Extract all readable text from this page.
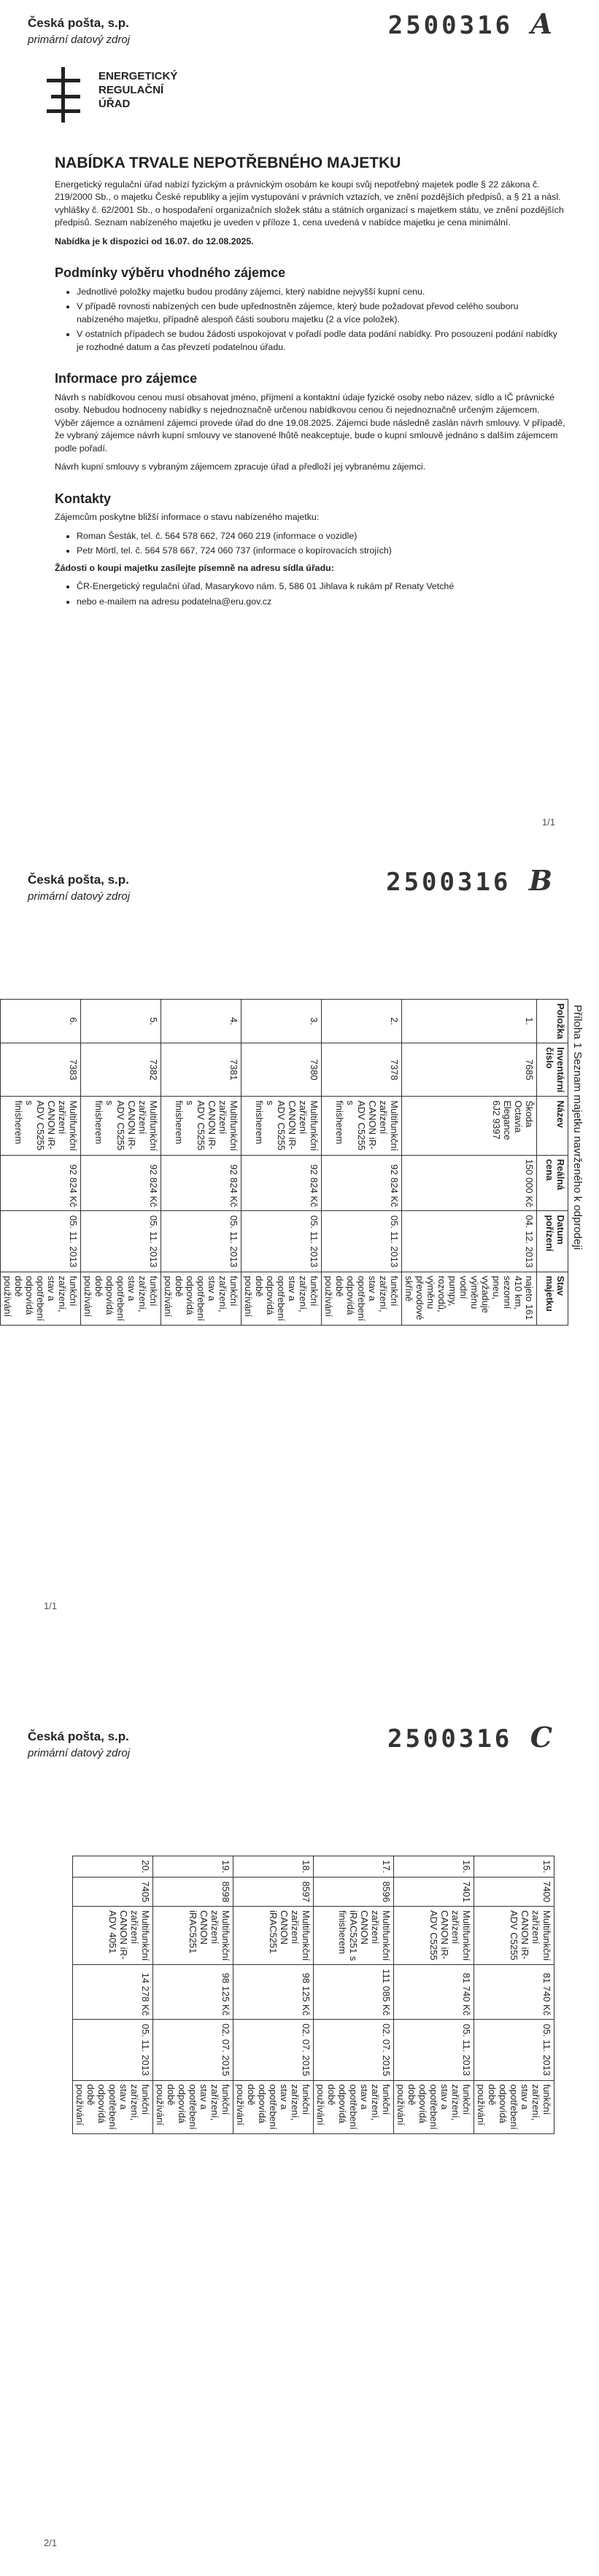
Česká pošta, s.p.
primární datový zdroj	2500316 A
ENERGETICKÝ
REGULAČNÍ
ÚŘAD
NABÍDKA TRVALE NEPOTŘEBNÉHO MAJETKU

Energetický regulační úřad nabízí fyzickým a právnickým osobám ke koupi svůj nepotřebný majetek podle § 22 zákona č. 219/2000 Sb., o majetku České republiky a jejím vystupování v právních vztazích, ve znění pozdějších předpisů, a § 21 a násl. vyhlášky č. 62/2001 Sb., o hospodaření organizačních složek státu a státních organizací s majetkem státu, ve znění pozdějších předpisů. Seznam nabízeného majetku je uveden v příloze 1, cena uvedená v nabídce majetku je cena minimální.

Nabídka je k dispozici od 16.07. do 12.08.2025.

Podmínky výběru vhodného zájemce
• Jednotlivé položky majetku budou prodány zájemci, který nabídne nejvyšší kupní cenu.
• V případě rovnosti nabízených cen bude upřednostněn zájemce, který bude požadovat převod celého souboru nabízeného majetku, případně alespoň části souboru majetku (2 a více položek).
• V ostatních případech se budou žádosti uspokojovat v pořadí podle data podání nabídky. Pro posouzení podání nabídky je rozhodné datum a čas převzetí podatelnou úřadu.
Informace pro zájemce

Návrh s nabídkovou cenou musí obsahovat jméno, příjmení a kontaktní údaje fyzické osoby nebo název, sídlo a IČ právnické osoby. Nebudou hodnoceny nabídky s nejednoznačně určenou nabídkovou cenou či nejednoznačně určeným zájemcem. Výběr zájemce a oznámení zájemci provede úřad do dne 19.08.2025. Zájemci bude následně zaslán návrh smlouvy. V případě, že vybraný zájemce návrh kupní smlouvy ve stanovené lhůtě neakceptuje, bude o kupní smlouvě jednáno s dalším zájemcem podle pořadí.

Návrh kupní smlouvy s vybraným zájemcem zpracuje úřad a předloží jej vybranému zájemci.

Kontakty

Zájemcům poskytne bližší informace o stavu nabízeného majetku:

• Roman Šesták, tel. č. 564 578 662, 724 060 219 (informace o vozidle)
• Petr Mörtl, tel. č. 564 578 667, 724 060 737 (informace o kopírovacích strojích)

Žádosti o koupi majetku zasílejte písemně na adresu sídla úřadu:

• ČR-Energetický regulační úřad, Masarykovo nám. 5, 586 01 Jihlava k rukám př Renaty Vetché
• nebo e-mailem na adresu podatelna@eru.gov.cz
1/1
Česká pošta, s.p.
primární datový zdroj	2500316 B
Příloha 1 Seznam majetku navrženého k odprodeji
Položka	Inventární číslo	Název	Reálná cena	Datum pořízení	Stav majetku
1.	7685	Škoda Octavia Elegance 6J2 9397	150 000 Kč	04. 12. 2013	najeto 161 410 km, sezonní pneu, vyžaduje výměnu vodní pumpy, rozvodů, výměnu převodové skříně
2.	7378	Multifunkční zařízení CANON iR-ADV C5255 s finisherem	92 824 Kč	05. 11. 2013	funkční zařízení, stav a opotřebení odpovídá době používání
3.	7380	Multifunkční zařízení CANON iR-ADV C5255 s finisherem	92 824 Kč	05. 11. 2013	funkční zařízení, stav a opotřebení odpovídá době používání
4.	7381	Multifunkční zařízení CANON iR-ADV C5255 s finisherem	92 824 Kč	05. 11. 2013	funkční zařízení, stav a opotřebení odpovídá době používání
5.	7382	Multifunkční zařízení CANON iR-ADV C5255 s finisherem	92 824 Kč	05. 11. 2013	funkční zařízení, stav a opotřebení odpovídá době používání
6.	7383	Multifunkční zařízení CANON iR-ADV C5255 s finisherem	92 824 Kč	05. 11. 2013	funkční zařízení, stav a opotřebení odpovídá době používání

1/1
Česká pošta, s.p.
primární datový zdroj	2500316 C
15.	7400	Multifunkční zařízení CANON iR-ADV C5255	81 740 Kč	05. 11. 2013	funkční zařízení, stav a opotřebení odpovídá době používání
16.	7401	Multifunkční zařízení CANON iR-ADV C5255	81 740 Kč	05. 11. 2013	funkční zařízení, stav a opotřebení odpovídá době používání
17.	8596	Multifunkční zařízení CANON iRAC5251 s finisherem	111 085 Kč	02. 07. 2015	funkční zařízení, stav a opotřebení odpovídá době používání
18.	8597	Multifunkční zařízení CANON iRAC5251	98 125 Kč	02. 07. 2015	funkční zařízení, stav a opotřebení odpovídá době používání
19.	8598	Multifunkční zařízení CANON iRAC5251	98 125 Kč	02. 07. 2015	funkční zařízení, stav a opotřebení odpovídá době používání
20.	7405	Multifunkční zařízení CANON iR-ADV 4051	14 278 Kč	05. 11. 2013	funkční zařízení, stav a opotřebení odpovídá době používání
2/1
